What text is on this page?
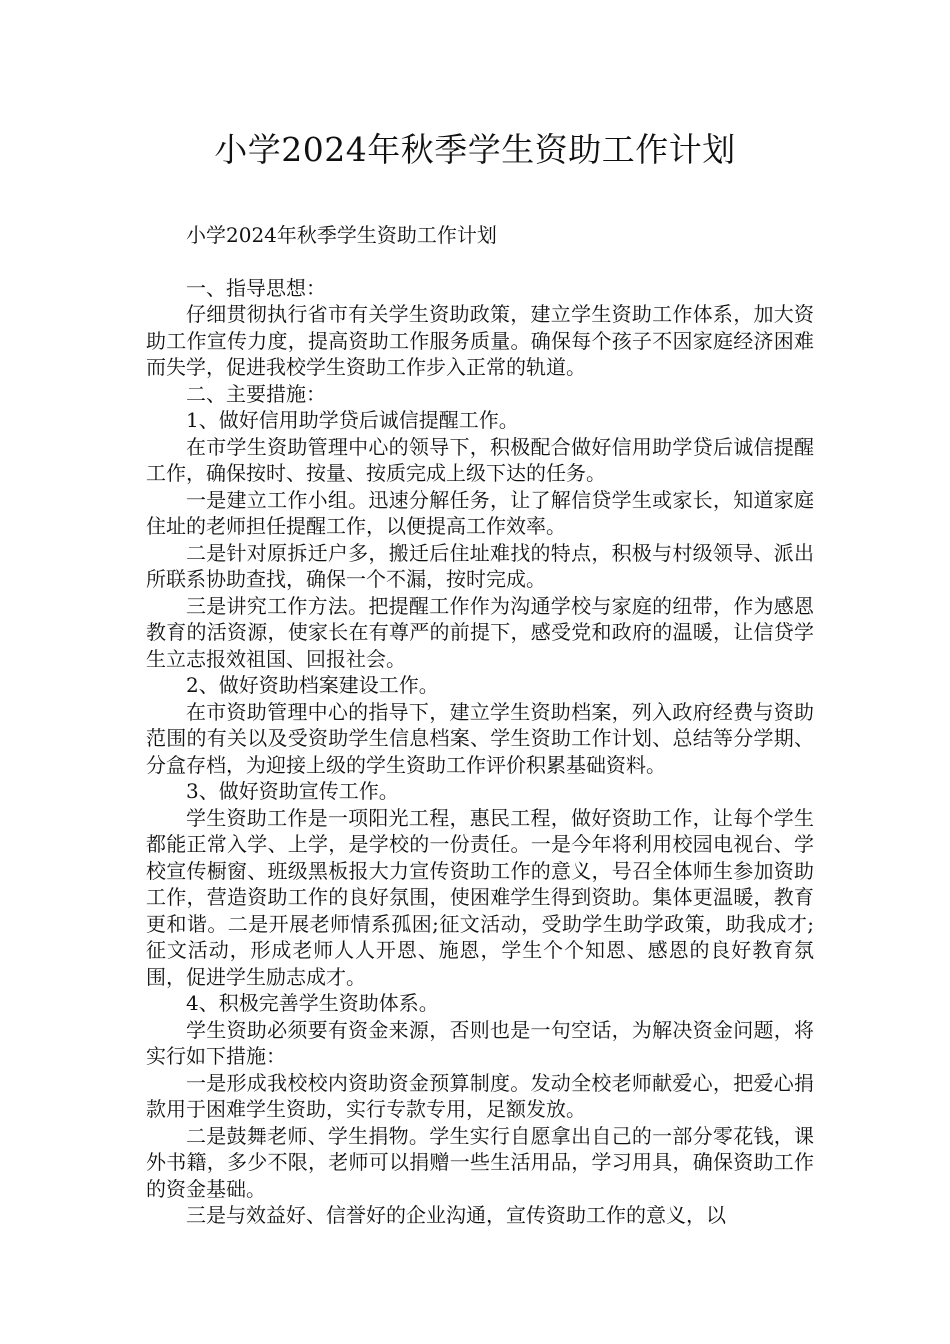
小学2024年秋季学生资助工作计划

小学2024年秋季学生资助工作计划

一、指导思想：

仔细贯彻执行省市有关学生资助政策，建立学生资助工作体系，加大资助工作宣传力度，提高资助工作服务质量。确保每个孩子不因家庭经济困难而失学，促进我校学生资助工作步入正常的轨道。

二、主要措施：

1、做好信用助学贷后诚信提醒工作。

在市学生资助管理中心的领导下，积极配合做好信用助学贷后诚信提醒工作，确保按时、按量、按质完成上级下达的任务。

一是建立工作小组。迅速分解任务，让了解信贷学生或家长，知道家庭住址的老师担任提醒工作，以便提高工作效率。

二是针对原拆迁户多，搬迁后住址难找的特点，积极与村级领导、派出所联系协助查找，确保一个不漏，按时完成。

三是讲究工作方法。把提醒工作作为沟通学校与家庭的纽带，作为感恩教育的活资源，使家长在有尊严的前提下，感受党和政府的温暖，让信贷学生立志报效祖国、回报社会。

2、做好资助档案建设工作。

在市资助管理中心的指导下，建立学生资助档案，列入政府经费与资助范围的有关以及受资助学生信息档案、学生资助工作计划、总结等分学期、分盒存档，为迎接上级的学生资助工作评价积累基础资料。

3、做好资助宣传工作。

学生资助工作是一项阳光工程，惠民工程，做好资助工作，让每个学生都能正常入学、上学，是学校的一份责任。一是今年将利用校园电视台、学校宣传橱窗、班级黑板报大力宣传资助工作的意义，号召全体师生参加资助工作，营造资助工作的良好氛围，使困难学生得到资助。集体更温暖，教育更和谐。二是开展老师情系孤困;征文活动，受助学生助学政策，助我成才;征文活动，形成老师人人开恩、施恩，学生个个知恩、感恩的良好教育氛围，促进学生励志成才。

4、积极完善学生资助体系。

学生资助必须要有资金来源，否则也是一句空话，为解决资金问题，将实行如下措施：

一是形成我校校内资助资金预算制度。发动全校老师献爱心，把爱心捐款用于困难学生资助，实行专款专用，足额发放。

二是鼓舞老师、学生捐物。学生实行自愿拿出自己的一部分零花钱，课外书籍，多少不限，老师可以捐赠一些生活用品，学习用具，确保资助工作的资金基础。

三是与效益好、信誉好的企业沟通，宣传资助工作的意义，以
